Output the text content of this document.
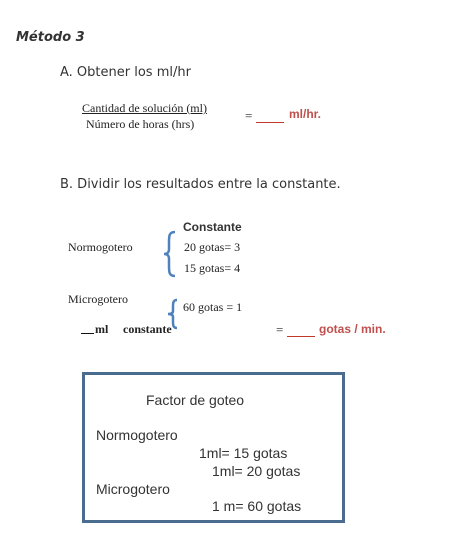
Método 3
A. Obtener los ml/hr
Cantidad de solución (ml)
Número de horas (hrs)
=	ml/hr.
B. Dividir los resultados entre la constante.
Constante
Normogotero	20 gotas= 3
15 gotas= 4
Microgotero
60 gotas = 1
ml constante	=	gotas / min.
Factor de goteo
Normogotero
1ml= 15 gotas
1ml= 20 gotas
Microgotero
1 m= 60 gotas
